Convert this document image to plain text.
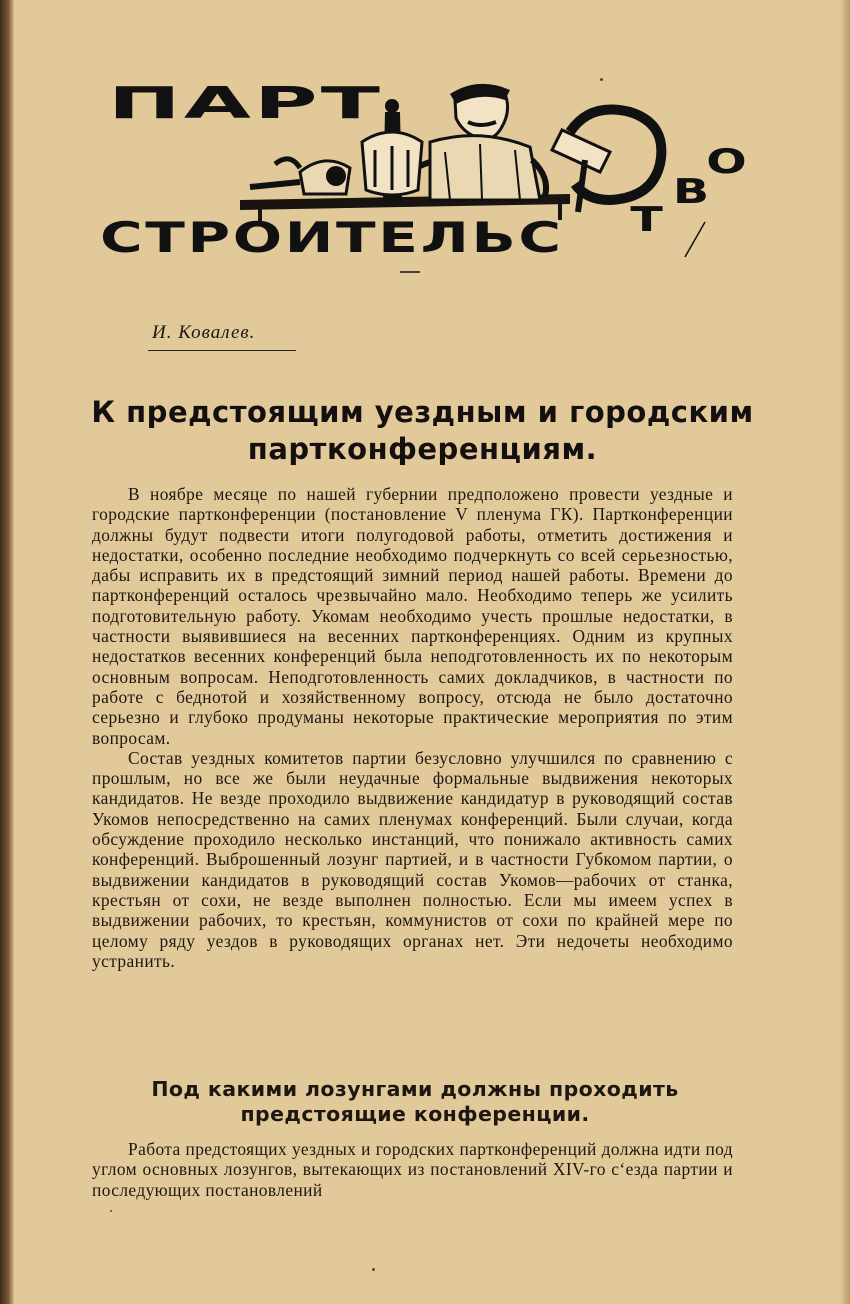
ПАРТ
СТРОИТЕЛЬС Т
В
О
И. Ковалев.
К предстоящим уездным и городским партконференциям.

В ноябре месяце по нашей губернии предположено провести уездные и городские партконференции (постановление V пленума ГК). Партконференции должны будут подвести итоги полугодовой работы, отметить достижения и недостатки, особенно последние необходимо подчеркнуть со всей серьезностью, дабы исправить их в предстоящий зимний период нашей работы. Времени до партконференций осталось чрезвычайно мало. Необходимо теперь же усилить подготовительную работу. Укомам необходимо учесть прошлые недостатки, в частности выявившиеся на весенних партконференциях. Одним из крупных недостатков весенних конференций была неподготовленность их по некоторым основным вопросам. Неподготовленность самих докладчиков, в частности по работе с беднотой и хозяйственному вопросу, отсюда не было достаточно серьезно и глубоко продуманы некоторые практические мероприятия по этим вопросам.

Состав уездных комитетов партии безусловно улучшился по сравнению с прошлым, но все же были неудачные формальные выдвижения некоторых кандидатов. Не везде проходило выдвижение кандидатур в руководящий состав Укомов непосредственно на самих пленумах конференций. Были случаи, когда обсуждение проходило несколько инстанций, что понижало активность самих конференций. Выброшенный лозунг партией, и в частности Губкомом партии, о выдвижении кандидатов в руководящий состав Укомов—рабочих от станка, крестьян от сохи, не везде выполнен полностью. Если мы имеем успех в выдвижении рабочих, то крестьян, коммунистов от сохи по крайней мере по целому ряду уездов в руководящих органах нет. Эти недочеты необходимо устранить.

Под какими лозунгами должны проходить предстоящие конференции.

Работа предстоящих уездных и городских партконференций должна идти под углом основных лозунгов, вытекающих из постановлений XIV-го с‘езда партии и последующих постановлений
